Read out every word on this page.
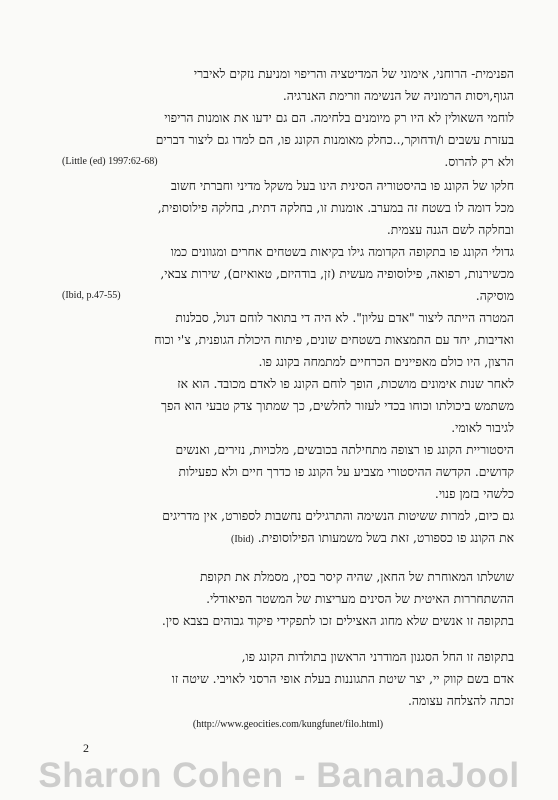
הפנימית- הרוחני, אימוני של המדיטציה והריפוי ומניעת נזקים לאיברי
הגוף,ויסות הרמוניה של הנשימה וזרימת האנרגיה.
לוחמי השאולין לא היו רק מיומנים בלחימה. הם גם ידעו את אומנות הריפוי
בעזרת עשבים ו/ודחוקר,..כחלק מאומנות הקונג פו, הם למדו גם ליצור דברים
ולא רק להרוס.
(Little (ed) 1997:62-68)
חלקו של הקונג פו בהיסטוריה הסינית הינו בעל משקל מדיני וחברתי חשוב
מכל דומה לו בשטח זה במערב. אומנות זו, בחלקה דתית, בחלקה פילוסופית,
ובחלקה לשם הגנה עצמית.
גדולי הקונג פו בתקופה הקדומה גילו בקיאות בשטחים אחרים ומגוונים כמו
מכשירנות, רפואה, פילוסופיה מעשית (זן, בודהיזם, טאואיזם), שירות צבאי,
מוסיקה.
(Ibid, p.47-55)
המטרה הייתה ליצור "אדם עליון". לא היה די בתואר לוחם דגול, סבלנות
ואדיבות, יחד עם התמצאות בשטחים שונים, פיתוח היכולת הגופנית, צ'י וכוח
הרצון, היו כולם מאפיינים הכרחיים למתמחה בקונג פו.
לאחר שנות אימונים מושכות, הופך לוחם הקונג פו לאדם מכובד. הוא אז
משתמש ביכולתו וכוחו בכדי לעזור לחלשים, כך שמתוך צדק טבעי הוא הפך
לגיבור לאומי.
היסטוריית הקונג פו רצופה מתחילתה בכובשים, מלכויות, נזירים, ואנשים
קדושים. הקדשה ההיסטורי מצביע על הקונג פו כדרך חיים ולא כפעילות
כלשהי בזמן פנוי.
גם כיום, למרות ששיטות הנשימה והתרגילים נחשבות לספורט, אין מדריגים
את הקונג פו כספורט, זאת בשל משמעותו הפילוסופית. (Ibid)
שושלתו המאוחרת של החאן, שהיה קיסר בסין, מסמלת את תקופת
ההשתחררות האיטית של הסינים מעריצות של המשטר הפיאודלי.
בתקופה זו אנשים שלא מחוג האצילים זכו לתפקידי פיקוד גבוהים בצבא סין.
בתקופה זו החל הסגנון המודרני הראשון בתולדות הקונג פו,
אדם בשם קווק יי, יצר שיטת התגוננות בעלת אופי הרסני לאויבי. שיטה זו
זכתה להצלחה עצומה.
(http://www.geocities.com/kungfunet/filo.html)
2
Sharon Cohen - BananaJool
